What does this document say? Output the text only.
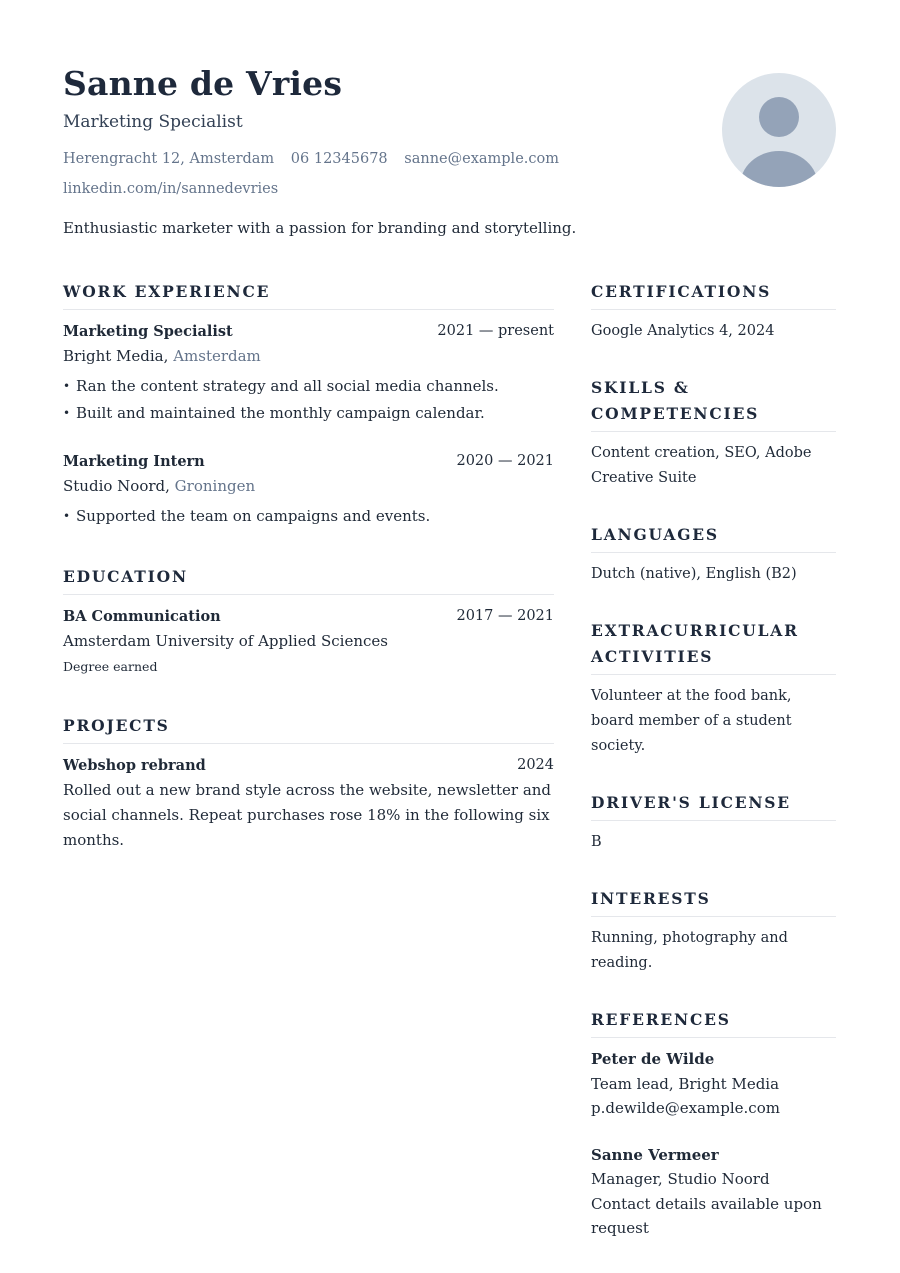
Sanne de Vries
Marketing Specialist
Herengracht 12, Amsterdam 06 12345678 sanne@example.com
linkedin.com/in/sannedevries
Enthusiastic marketer with a passion for branding and storytelling.
WORK EXPERIENCE
Marketing Specialist	2021 — present
Bright Media, Amsterdam
• Ran the content strategy and all social media channels.
• Built and maintained the monthly campaign calendar.
Marketing Intern	2020 — 2021
Studio Noord, Groningen
• Supported the team on campaigns and events.
EDUCATION
BA Communication	2017 — 2021
Amsterdam University of Applied Sciences
Degree earned
PROJECTS
Webshop rebrand	2024
Rolled out a new brand style across the website, newsletter and social channels. Repeat purchases rose 18% in the following six months.
CERTIFICATIONS
Google Analytics 4, 2024
SKILLS & COMPETENCIES
Content creation, SEO, Adobe Creative Suite
LANGUAGES
Dutch (native), English (B2)
EXTRACURRICULAR ACTIVITIES
Volunteer at the food bank, board member of a student society.
DRIVER'S LICENSE
B
INTERESTS
Running, photography and reading.
REFERENCES
Peter de Wilde
Team lead, Bright Media
p.dewilde@example.com
Sanne Vermeer
Manager, Studio Noord
Contact details available upon request
